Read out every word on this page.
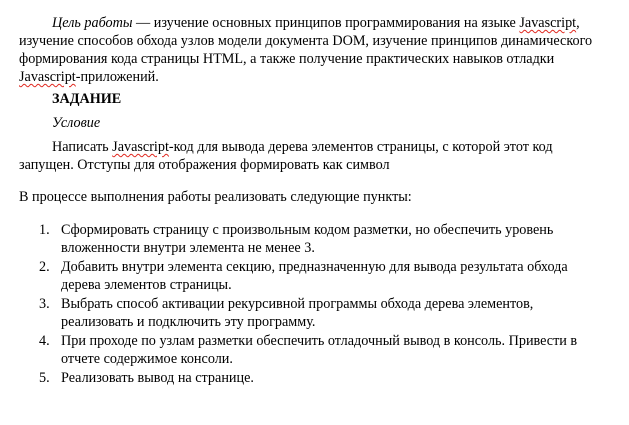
Цель работы — изучение основных принципов программирования на языке Javascript, изучение способов обхода узлов модели документа DOM, изучение принципов динамического формирования кода страницы HTML, а также получение практических навыков отладки Javascript-приложений.

ЗАДАНИЕ

Условие

Написать Javascript-код для вывода дерева элементов страницы, с которой этот код запущен. Отступы для отображения формировать как символ

В процессе выполнения работы реализовать следующие пункты:

1. Сформировать страницу с произвольным кодом разметки, но обеспечить уровень вложенности внутри элемента не менее 3.
2. Добавить внутри элемента секцию, предназначенную для вывода результата обхода дерева элементов страницы.
3. Выбрать способ активации рекурсивной программы обхода дерева элементов, реализовать и подключить эту программу.
4. При проходе по узлам разметки обеспечить отладочный вывод в консоль. Привести в отчете содержимое консоли.
5. Реализовать вывод на странице.
